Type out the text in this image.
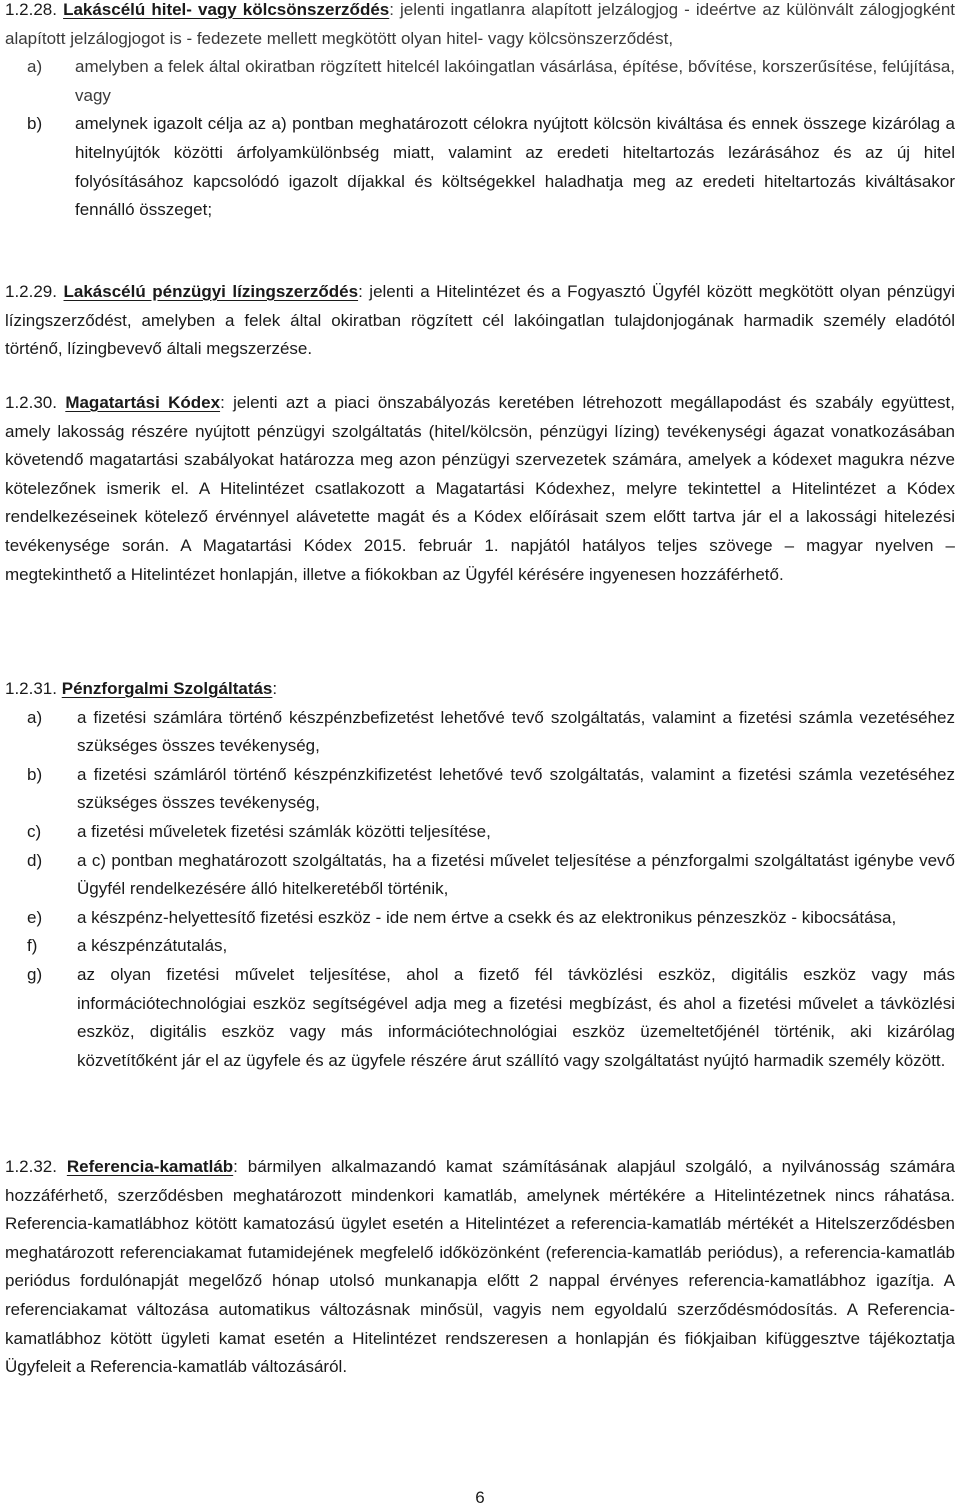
1.2.28. Lakáscélú hitel- vagy kölcsönszerződés: jelenti ingatlanra alapított jelzálogjog - ideértve az különvált zálogjogként alapított jelzálogjogot is - fedezete mellett megkötött olyan hitel- vagy kölcsönszerződést,

a) amelyben a felek által okiratban rögzített hitelcél lakóingatlan vásárlása, építése, bővítése, korszerűsítése, felújítása, vagy
b) amelynek igazolt célja az a) pontban meghatározott célokra nyújtott kölcsön kiváltása és ennek összege kizárólag a hitelnyújtók közötti árfolyamkülönbség miatt, valamint az eredeti hiteltartozás lezárásához és az új hitel folyósításához kapcsolódó igazolt díjakkal és költségekkel haladhatja meg az eredeti hiteltartozás kiváltásakor fennálló összeget;

1.2.29. Lakáscélú pénzügyi lízingszerződés: jelenti a Hitelintézet és a Fogyasztó Ügyfél között megkötött olyan pénzügyi lízingszerződést, amelyben a felek által okiratban rögzített cél lakóingatlan tulajdonjogának harmadik személy eladótól történő, lízingbevevő általi megszerzése.

1.2.30. Magatartási Kódex: jelenti azt a piaci önszabályozás keretében létrehozott megállapodást és szabály együttest, amely lakosság részére nyújtott pénzügyi szolgáltatás (hitel/kölcsön, pénzügyi lízing) tevékenységi ágazat vonatkozásában követendő magatartási szabályokat határozza meg azon pénzügyi szervezetek számára, amelyek a kódexet magukra nézve kötelezőnek ismerik el. A Hitelintézet csatlakozott a Magatartási Kódexhez, melyre tekintettel a Hitelintézet a Kódex rendelkezéseinek kötelező érvénnyel alávetette magát és a Kódex előírásait szem előtt tartva jár el a lakossági hitelezési tevékenysége során. A Magatartási Kódex 2015. február 1. napjától hatályos teljes szövege – magyar nyelven – megtekinthető a Hitelintézet honlapján, illetve a fiókokban az Ügyfél kérésére ingyenesen hozzáférhető.

1.2.31. Pénzforgalmi Szolgáltatás:

a) a fizetési számlára történő készpénzbefizetést lehetővé tevő szolgáltatás, valamint a fizetési számla vezetéséhez szükséges összes tevékenység,
b) a fizetési számláról történő készpénzkifizetést lehetővé tevő szolgáltatás, valamint a fizetési számla vezetéséhez szükséges összes tevékenység,
c) a fizetési műveletek fizetési számlák közötti teljesítése,
d) a c) pontban meghatározott szolgáltatás, ha a fizetési művelet teljesítése a pénzforgalmi szolgáltatást igénybe vevő Ügyfél rendelkezésére álló hitelkeretéből történik,
e) a készpénz-helyettesítő fizetési eszköz - ide nem értve a csekk és az elektronikus pénzeszköz - kibocsátása,
f) a készpénzátutalás,
g) az olyan fizetési művelet teljesítése, ahol a fizető fél távközlési eszköz, digitális eszköz vagy más információtechnológiai eszköz segítségével adja meg a fizetési megbízást, és ahol a fizetési művelet a távközlési eszköz, digitális eszköz vagy más információtechnológiai eszköz üzemeltetőjénél történik, aki kizárólag közvetítőként jár el az ügyfele és az ügyfele részére árut szállító vagy szolgáltatást nyújtó harmadik személy között.

1.2.32. Referencia-kamatláb: bármilyen alkalmazandó kamat számításának alapjául szolgáló, a nyilvánosság számára hozzáférhető, szerződésben meghatározott mindenkori kamatláb, amelynek mértékére a Hitelintézetnek nincs ráhatása. Referencia-kamatlábhoz kötött kamatozású ügylet esetén a Hitelintézet a referencia-kamatláb mértékét a Hitelszerződésben meghatározott referenciakamat futamidejének megfelelő időközönként (referencia-kamatláb periódus), a referencia-kamatláb periódus fordulónapját megelőző hónap utolsó munkanapja előtt 2 nappal érvényes referencia-kamatlábhoz igazítja. A referenciakamat változása automatikus változásnak minősül, vagyis nem egyoldalú szerződésmódosítás. A Referencia-kamatlábhoz kötött ügyleti kamat esetén a Hitelintézet rendszeresen a honlapján és fiókjaiban kifüggesztve tájékoztatja Ügyfeleit a Referencia-kamatláb változásáról.

6
